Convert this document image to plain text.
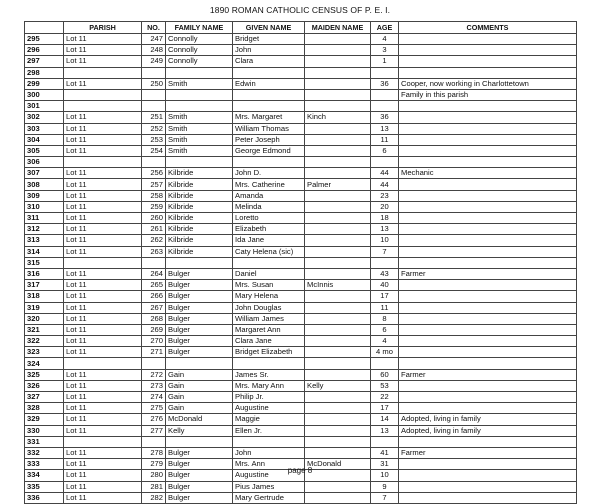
1890 ROMAN CATHOLIC CENSUS OF P. E. I.
	PARISH	NO.	FAMILY NAME	GIVEN NAME	MAIDEN NAME	AGE	COMMENTS
295	Lot 11	247	Connolly	Bridget		4	
296	Lot 11	248	Connolly	John		3	
297	Lot 11	249	Connolly	Clara		1	
298							
299	Lot 11	250	Smith	Edwin		36	Cooper, now working in Charlottetown
300							Family in this parish
301							
302	Lot 11	251	Smith	Mrs. Margaret	Kinch	36	
303	Lot 11	252	Smith	William Thomas		13	
304	Lot 11	253	Smith	Peter Joseph		11	
305	Lot 11	254	Smith	George Edmond		6	
306							
307	Lot 11	256	Kilbride	John D.		44	Mechanic
308	Lot 11	257	Kilbride	Mrs. Catherine	Palmer	44	
309	Lot 11	258	Kilbride	Amanda		23	
310	Lot 11	259	Kilbride	Melinda		20	
311	Lot 11	260	Kilbride	Loretto		18	
312	Lot 11	261	Kilbride	Elizabeth		13	
313	Lot 11	262	Kilbride	Ida Jane		10	
314	Lot 11	263	Kilbride	Caty Helena (sic)		7	
315							
316	Lot 11	264	Bulger	Daniel		43	Farmer
317	Lot 11	265	Bulger	Mrs. Susan	McInnis	40	
318	Lot 11	266	Bulger	Mary Helena		17	
319	Lot 11	267	Bulger	John Douglas		11	
320	Lot 11	268	Bulger	William James		8	
321	Lot 11	269	Bulger	Margaret Ann		6	
322	Lot 11	270	Bulger	Clara Jane		4	
323	Lot 11	271	Bulger	Bridget Elizabeth		4 mo	
324							
325	Lot 11	272	Gain	James Sr.		60	Farmer
326	Lot 11	273	Gain	Mrs. Mary Ann	Kelly	53	
327	Lot 11	274	Gain	Philip Jr.		22	
328	Lot 11	275	Gain	Augustine		17	
329	Lot 11	276	McDonald	Maggie		14	Adopted, living in family
330	Lot 11	277	Kelly	Ellen Jr.		13	Adopted, living in family
331							
332	Lot 11	278	Bulger	John		41	Farmer
333	Lot 11	279	Bulger	Mrs. Ann	McDonald	31	
334	Lot 11	280	Bulger	Augustine		10	
335	Lot 11	281	Bulger	Pius James		9	
336	Lot 11	282	Bulger	Mary Gertrude		7	
page 8
